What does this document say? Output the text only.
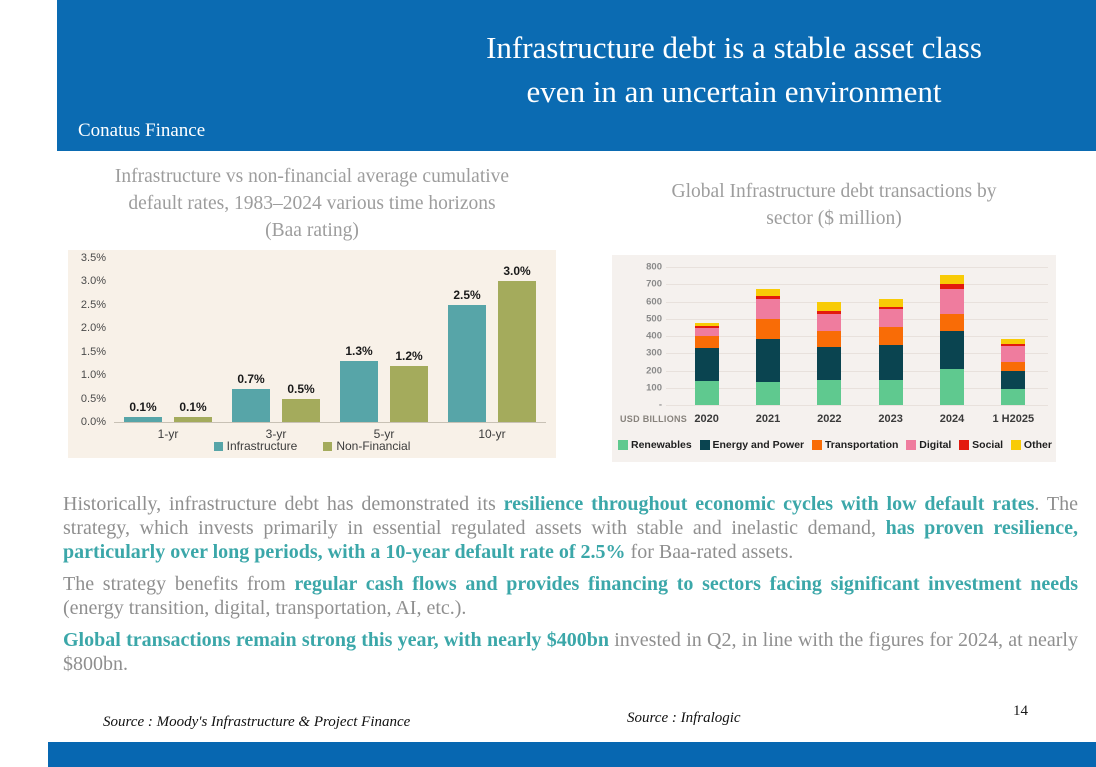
Infrastructure debt is a stable asset class
even in an uncertain environment
Conatus Finance
Infrastructure vs non-financial average cumulative
default rates, 1983–2024 various time horizons
(Baa rating)
Global Infrastructure debt transactions by
sector ($ million)
3.5%
3.0%
2.5%
2.0%
1.5%
1.0%
0.5%
0.0%
0.1%	0.1%
0.7%
0.5%
1.3%	1.2%
2.5%
3.0%
1-yr	3-yr	5-yr	10-yr
Infrastructure	Non-Financial
800
700
600
500
400
300
200
100
-
USD BILLIONS 2020	2021	2022	2023	2024	1 H2025
Renewables Energy and Power Transportation Digital Social Other

Historically, infrastructure debt has demonstrated its resilience throughout economic cycles with low default rates. The strategy, which invests primarily in essential regulated assets with stable and inelastic demand, has proven resilience, particularly over long periods, with a 10-year default rate of 2.5% for Baa-rated assets.

The strategy benefits from regular cash flows and provides financing to sectors facing significant investment needs (energy transition, digital, transportation, AI, etc.).

Global transactions remain strong this year, with nearly $400bn invested in Q2, in line with the figures for 2024, at nearly $800bn.

Source : Moody's Infrastructure & Project Finance	Source : Infralogic	14
